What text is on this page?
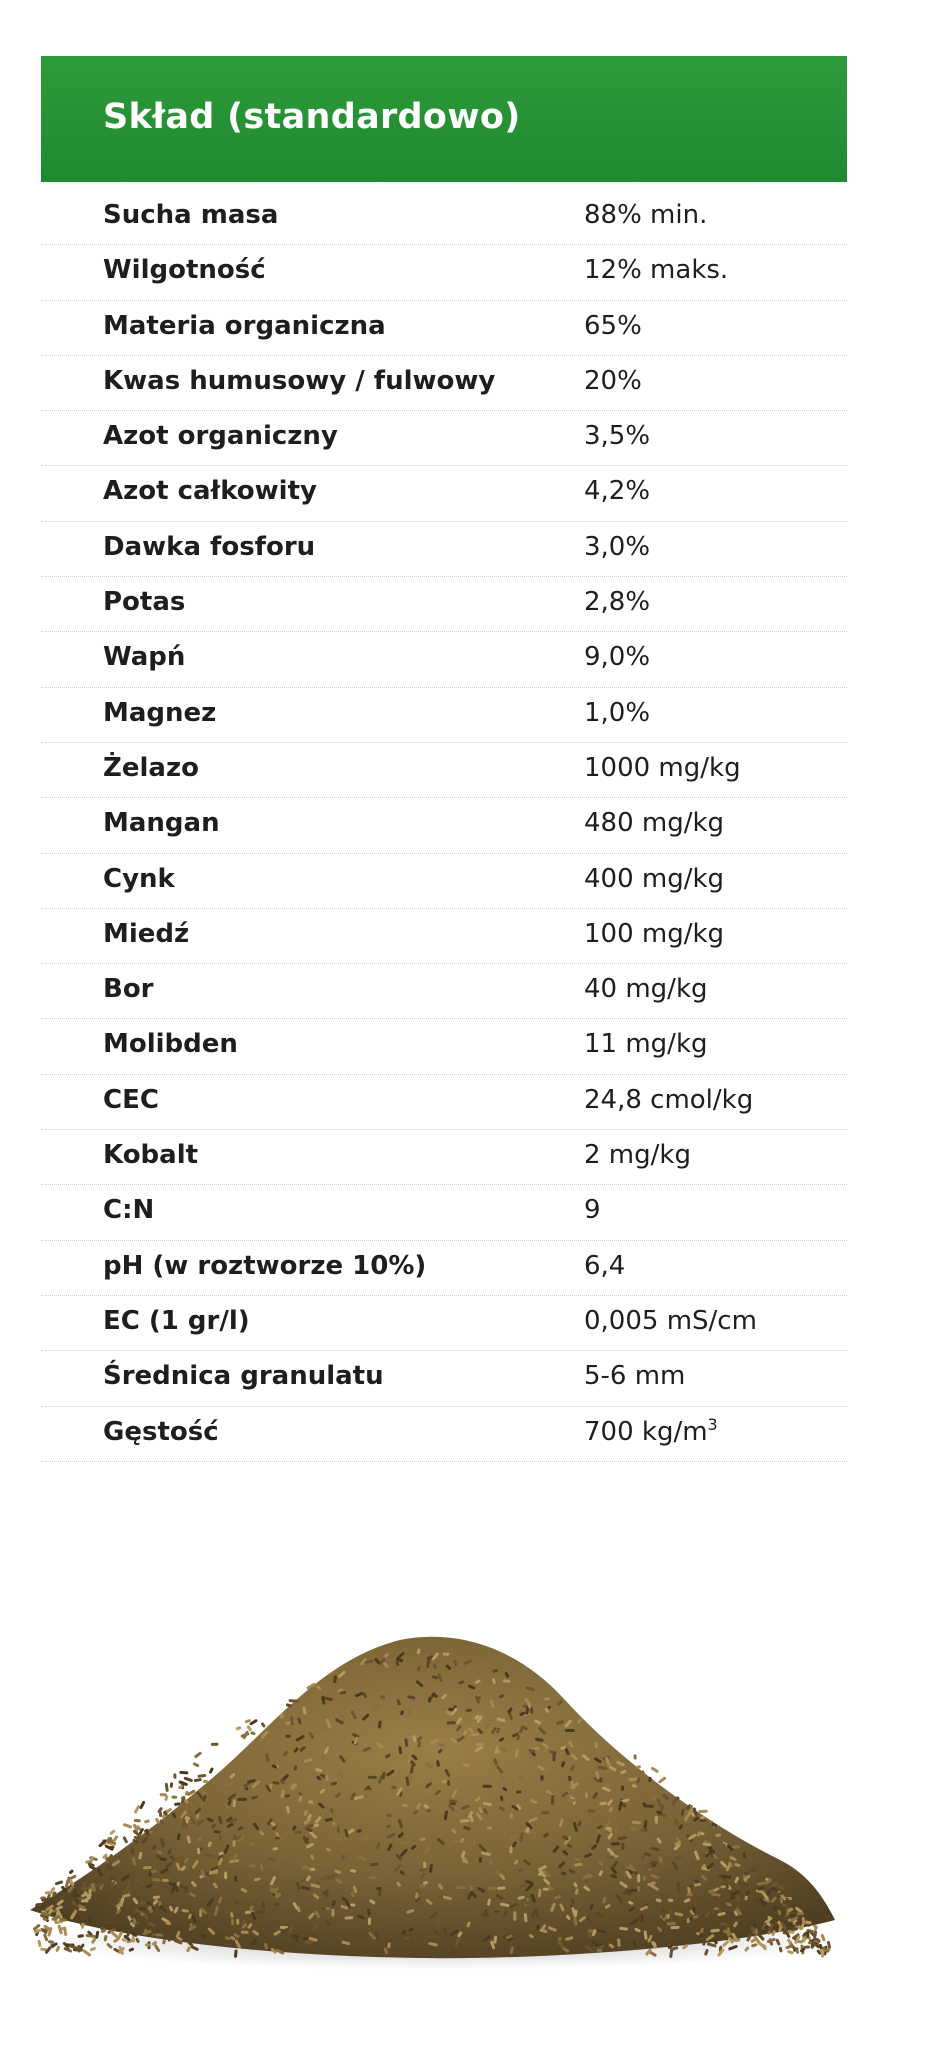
Skład (standardowo)
Sucha masa	88% min.
Wilgotność	12% maks.
Materia organiczna	65%
Kwas humusowy / fulwowy	20%
Azot organiczny	3,5%
Azot całkowity	4,2%
Dawka fosforu	3,0%
Potas	2,8%
Wapń	9,0%
Magnez	1,0%
Żelazo	1000 mg/kg
Mangan	480 mg/kg
Cynk	400 mg/kg
Miedź	100 mg/kg
Bor	40 mg/kg
Molibden	11 mg/kg
CEC	24,8 cmol/kg
Kobalt	2 mg/kg
C:N	9
pH (w roztworze 10%)	6,4
EC (1 gr/l)	0,005 mS/cm
Średnica granulatu	5-6 mm
Gęstość	700 $kg/m^3$
